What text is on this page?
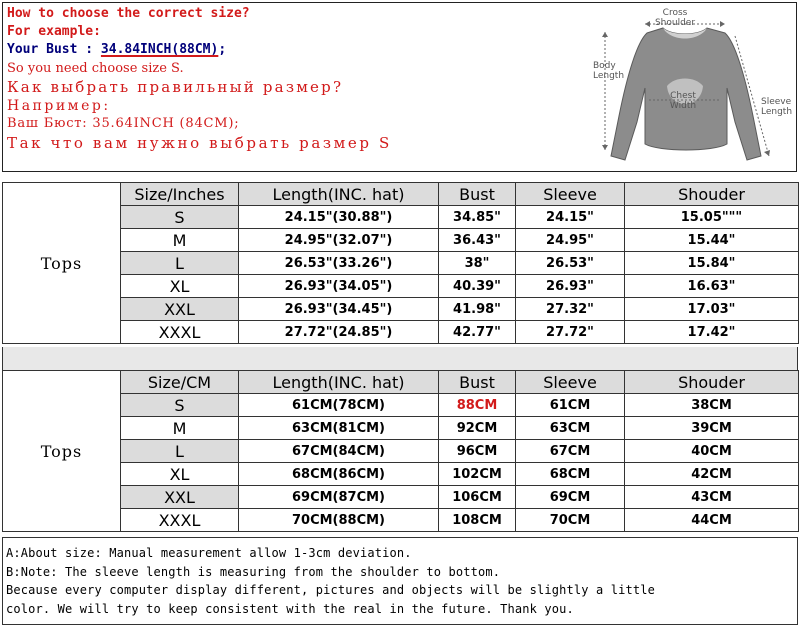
How to choose the correct size?
For example:
Your Bust : 34.84INCH(88CM);
So you need choose size S.
Как выбрать правильный размер?
Например:
Ваш Бюст: 35.64INCH (84CM);
Так что вам нужно выбрать размер S
Cross
Shoulder
Body
Length
Chest
Width	Sleeve
Length
Tops	Size/Inches	Length(INC. hat)	Bust	Sleeve	Shouder
	S	24.15"(30.88")	34.85"	24.15"	15.05"""
	M	24.95"(32.07")	36.43"	24.95"	15.44"
	L	26.53"(33.26")	38"	26.53"	15.84"
	XL	26.93"(34.05")	40.39"	26.93"	16.63"
	XXL	26.93"(34.45")	41.98"	27.32"	17.03"
	XXXL	27.72"(24.85")	42.77"	27.72"	17.42"
Tops	Size/CM	Length(INC. hat)	Bust	Sleeve	Shouder
	S	61CM(78CM)	88CM	61CM	38CM
	M	63CM(81CM)	92CM	63CM	39CM
	L	67CM(84CM)	96CM	67CM	40CM
	XL	68CM(86CM)	102CM	68CM	42CM
	XXL	69CM(87CM)	106CM	69CM	43CM
	XXXL	70CM(88CM)	108CM	70CM	44CM
A:About size: Manual measurement allow 1-3cm deviation.
B:Note: The sleeve length is measuring from the shoulder to bottom.
Because every computer display different, pictures and objects will be slightly a little
color. We will try to keep consistent with the real in the future. Thank you.
